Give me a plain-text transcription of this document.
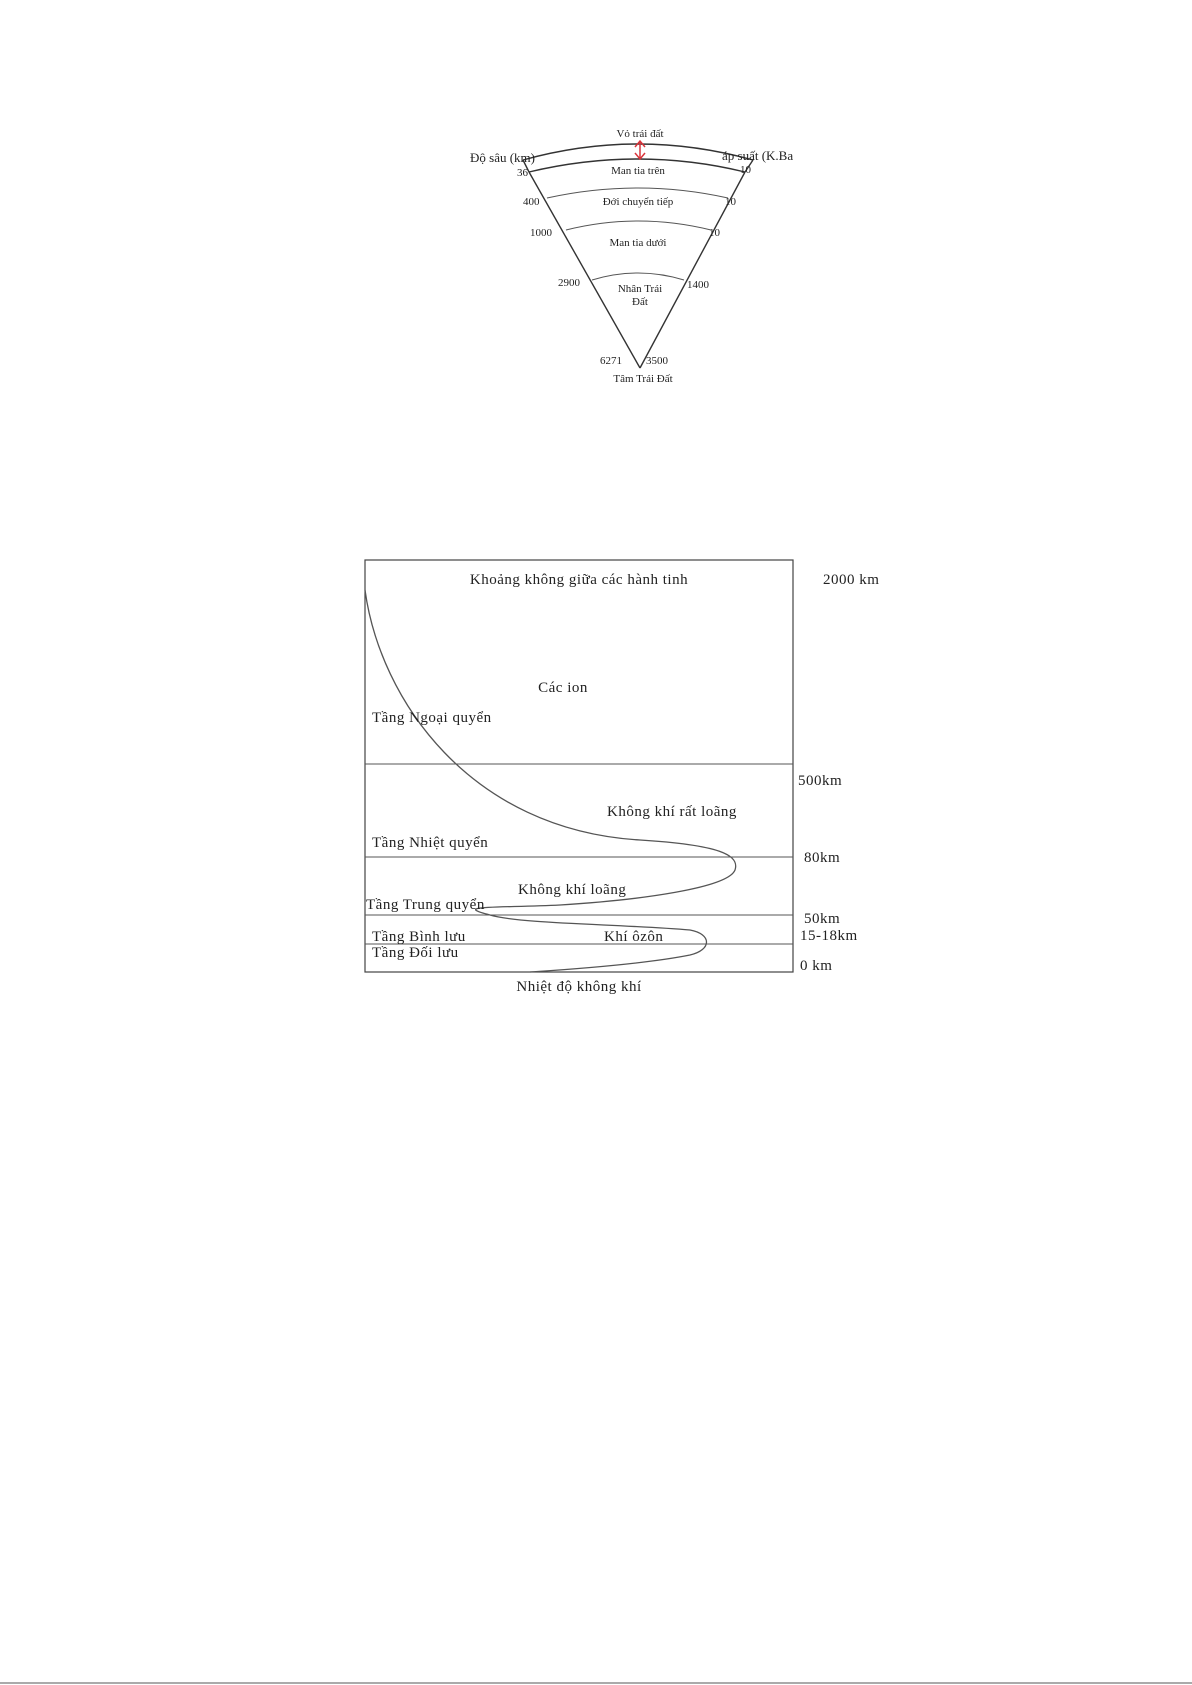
Vỏ trái đất
Độ sâu (km)	áp suất (K.Ba
Man tia trên
Đới chuyển tiếp
Man tia dưới
Nhân Trái
Đất
Tâm Trái Đất
36
400
1000
2900
6271
10
10
10
1400
3500
Khoảng không giữa các hành tinh
Các ion
Tầng Ngoại quyển
Không khí rất loãng
Tầng Nhiệt quyển
Không khí loãng
Tầng Trung quyển
Tầng Bình lưu	Khí ôzôn
Tầng Đối lưu
Nhiệt độ không khí
2000 km
500km
80km
50km
15-18km
0 km
